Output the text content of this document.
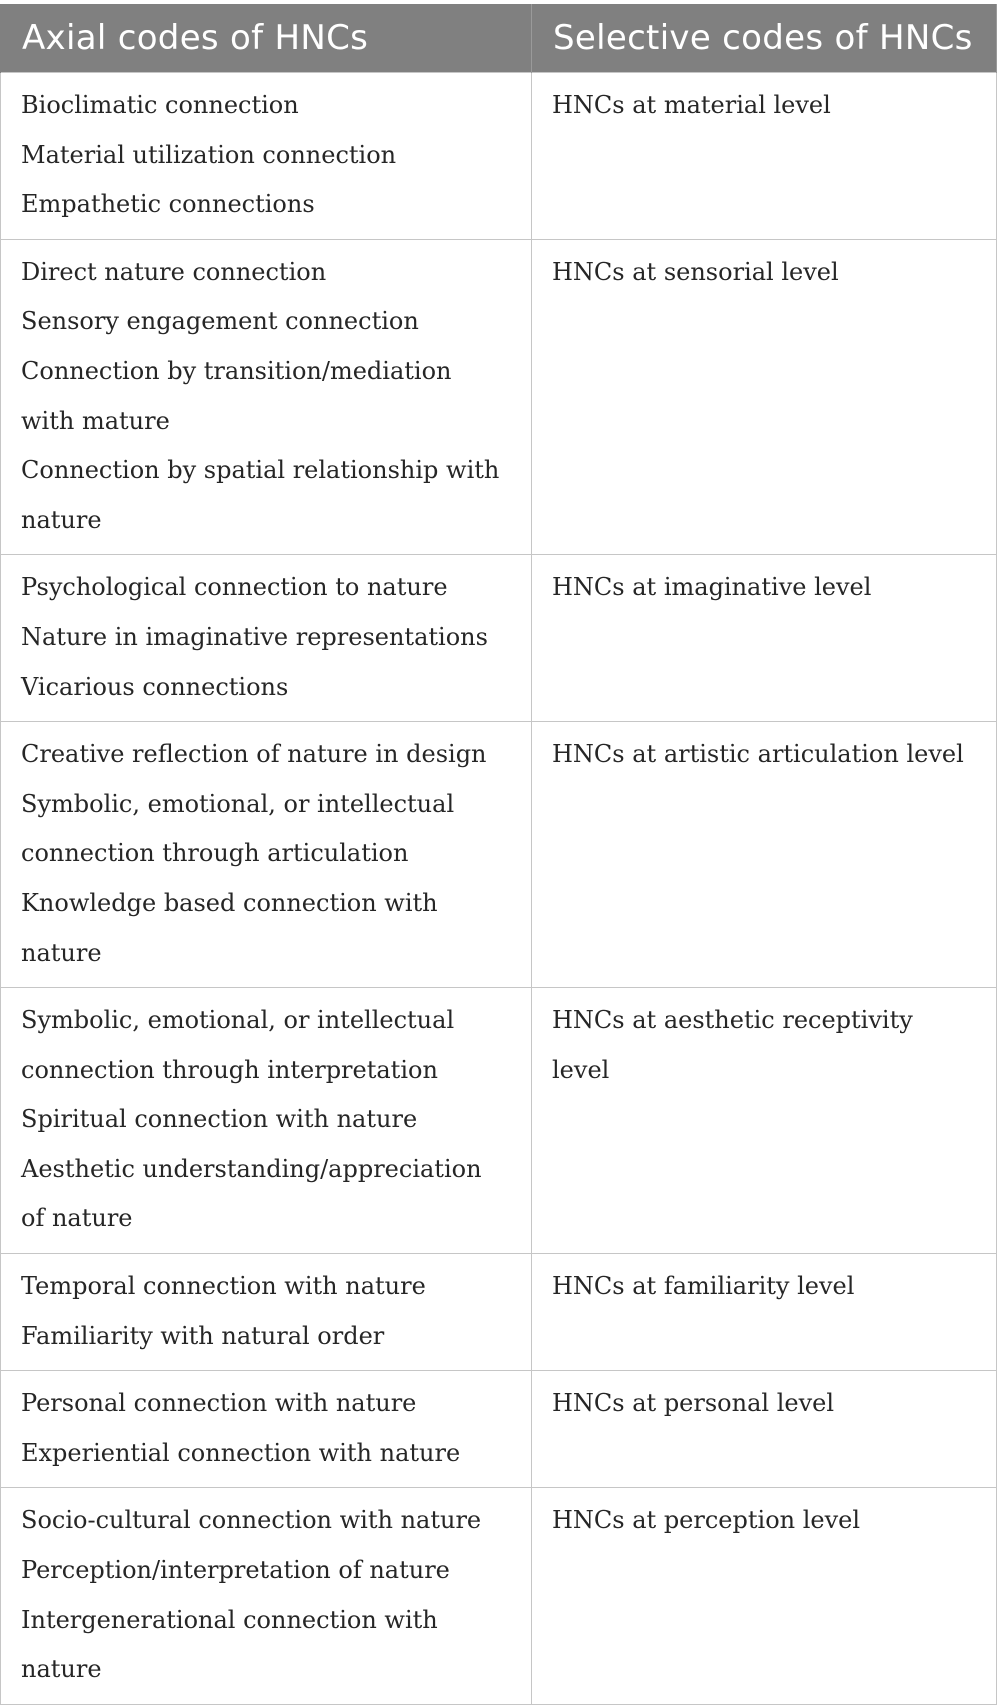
Axial codes of HNCs	Selective codes of HNCs

Bioclimatic connection
Material utilization connection
Empathetic connections	HNCs at material level

Direct nature connection
Sensory engagement connection
Connection by transition/mediation with mature
Connection by spatial relationship with nature	HNCs at sensorial level

Psychological connection to nature
Nature in imaginative representations
Vicarious connections	HNCs at imaginative level

Creative reflection of nature in design
Symbolic, emotional, or intellectual connection through articulation
Knowledge based connection with nature	HNCs at artistic articulation level

Symbolic, emotional, or intellectual connection through interpretation
Spiritual connection with nature
Aesthetic understanding/appreciation of nature	HNCs at aesthetic receptivity level

Temporal connection with nature
Familiarity with natural order	HNCs at familiarity level

Personal connection with nature
Experiential connection with nature	HNCs at personal level

Socio-cultural connection with nature
Perception/interpretation of nature
Intergenerational connection with nature	HNCs at perception level
